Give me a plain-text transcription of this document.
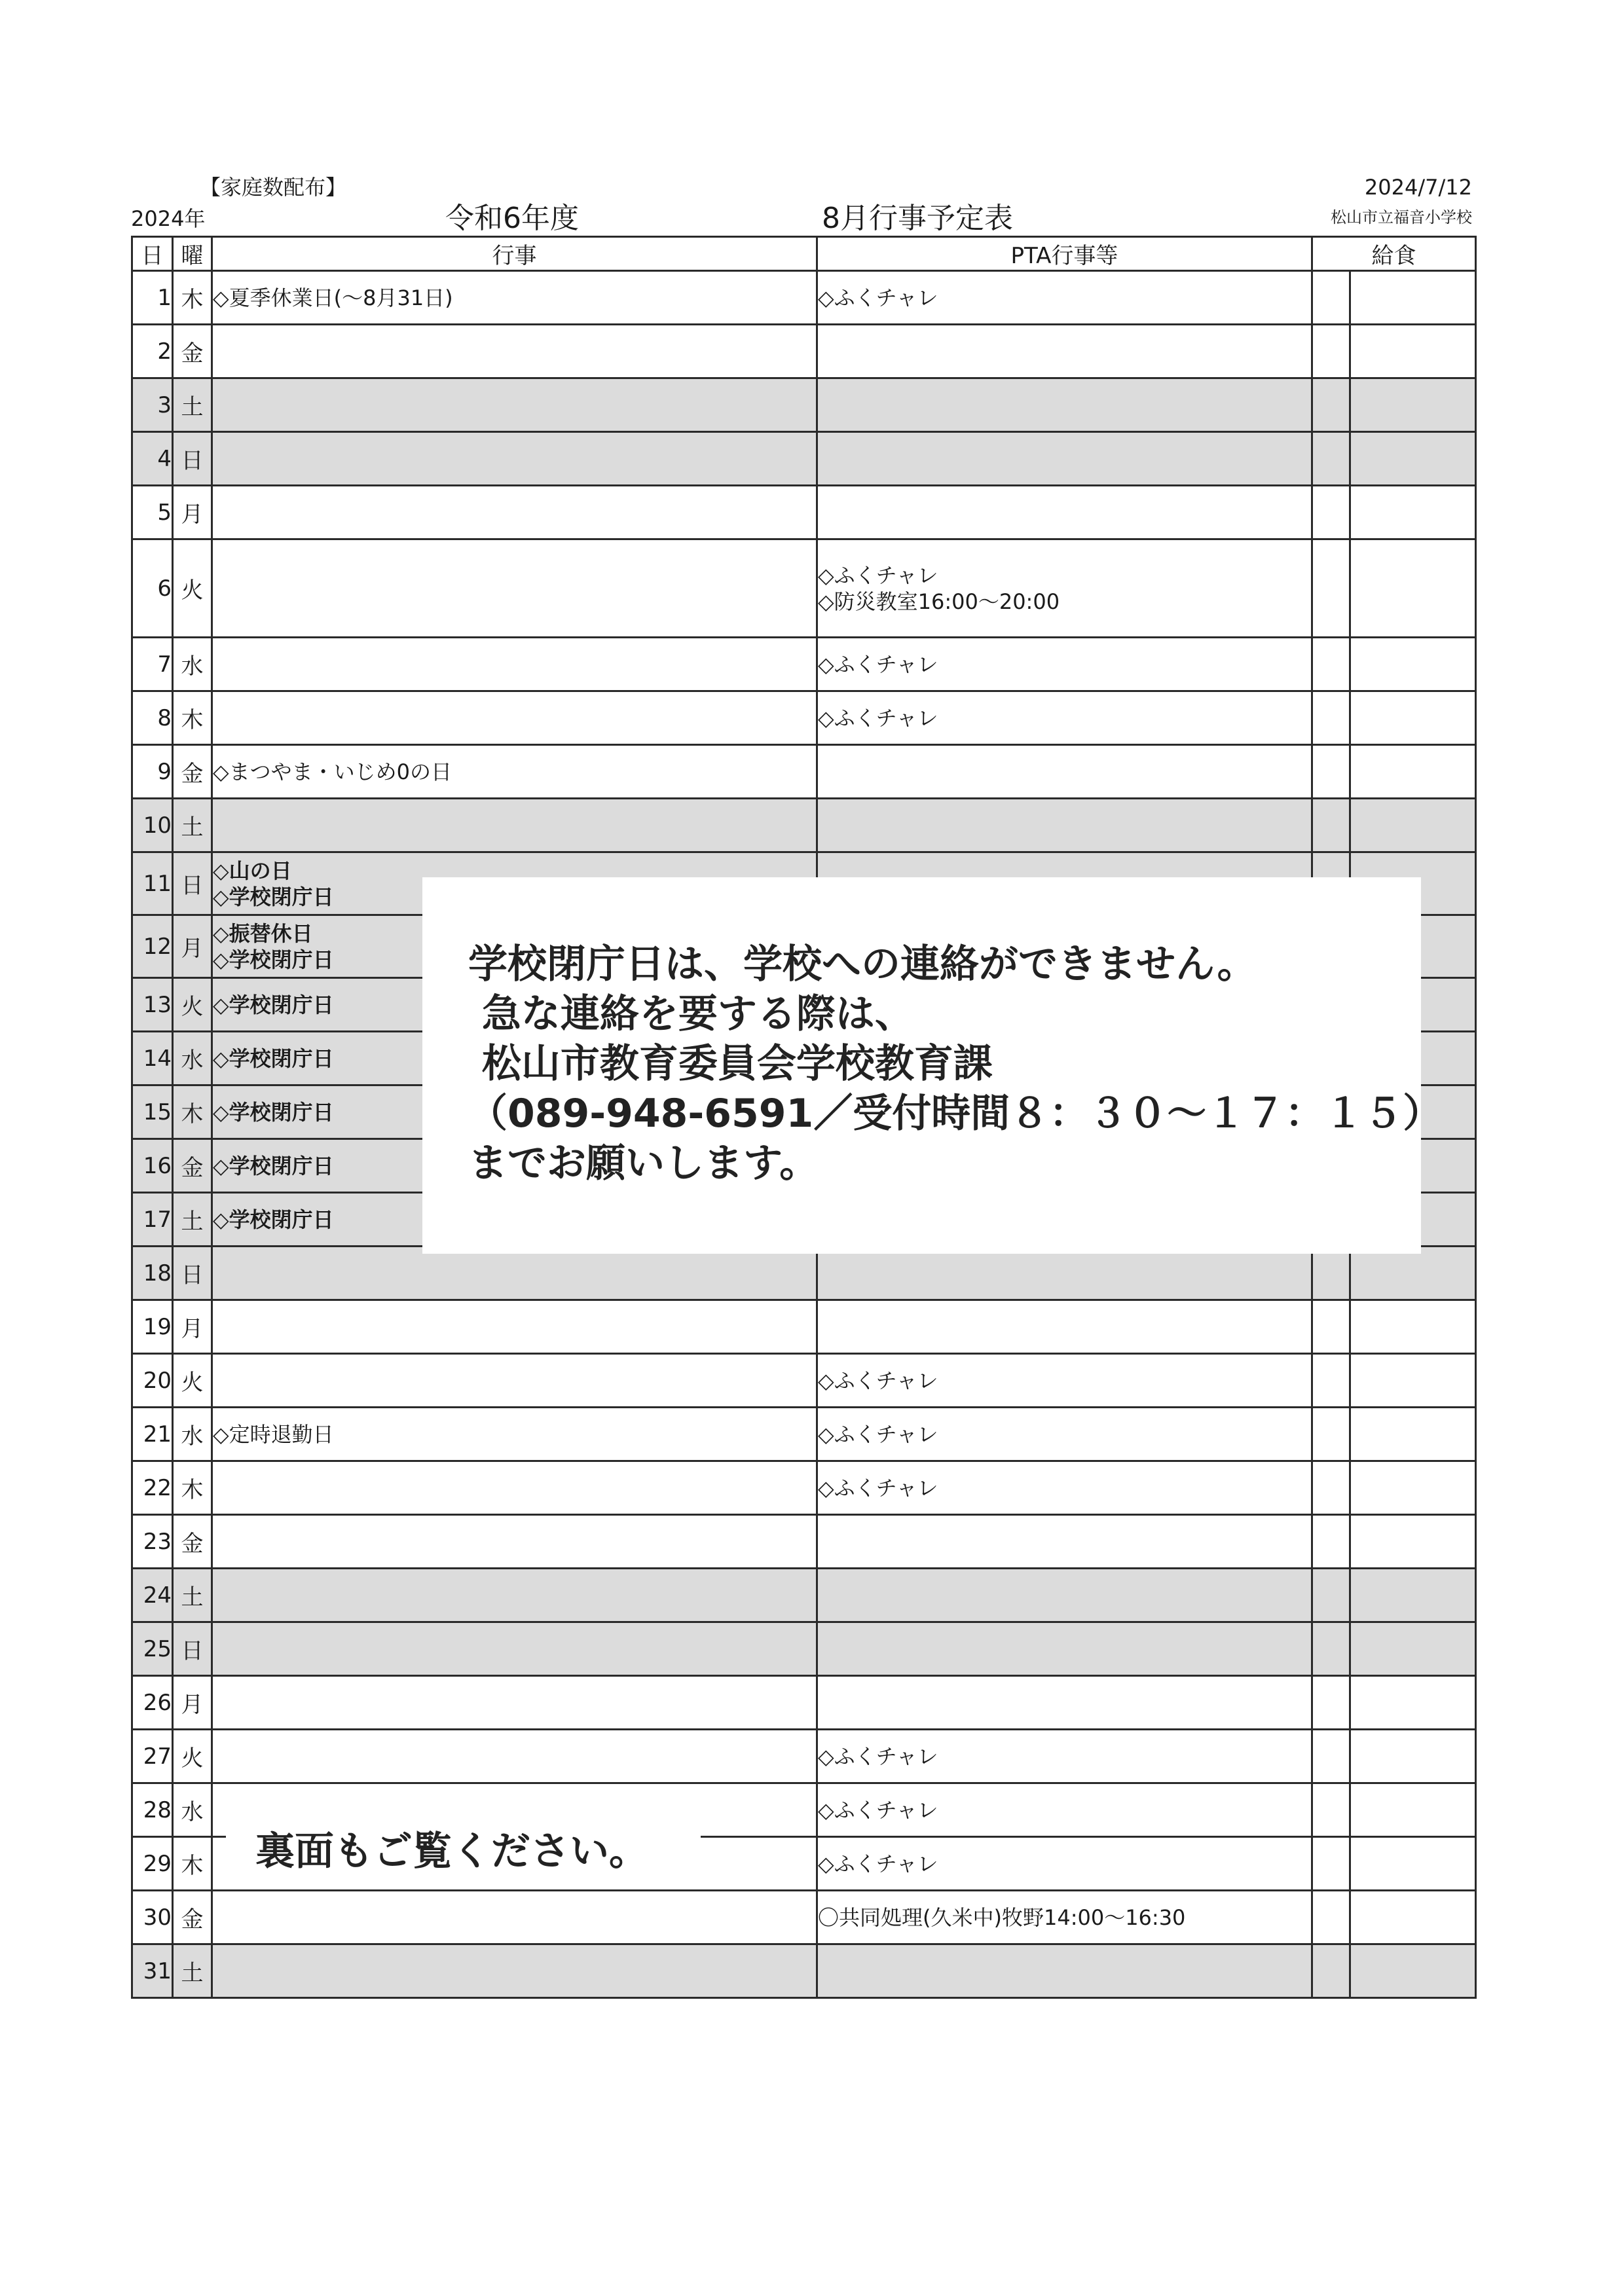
【家庭数配布】	2024/7/12
2024年	令和6年度	8月行事予定表	松山市立福音小学校
日	曜	行事	PTA行事等	給食	
1	木	◇夏季休業日(～8月31日)	◇ふくチャレ		
2	金				
3	土				
4	日				
5	月				
6	火		◇ふくチャレ
◇防災教室16:00～20:00		
7	水		◇ふくチャレ		
8	木		◇ふくチャレ		
9	金	◇まつやま・いじめ0の日			
10	土				
11	日	◇山の日
◇学校閉庁日			
12	月	◇振替休日
◇学校閉庁日			
13	火	◇学校閉庁日			
14	水	◇学校閉庁日			
15	木	◇学校閉庁日			
16	金	◇学校閉庁日			
17	土	◇学校閉庁日			
18	日				
19	月				
20	火		◇ふくチャレ		
21	水	◇定時退勤日	◇ふくチャレ		
22	木		◇ふくチャレ		
23	金				
24	土				
25	日				
26	月				
27	火		◇ふくチャレ		
28	水		◇ふくチャレ		
29	木		◇ふくチャレ		
30	金		〇共同処理(久米中)牧野14:00～16:30		
31	土				

学校閉庁日は、学校への連絡ができません。

急な連絡を要する際は、

松山市教育委員会学校教育課

（089-948-6591／受付時間８：３０～１７：１５）

までお願いします。

裏面もご覧ください。
